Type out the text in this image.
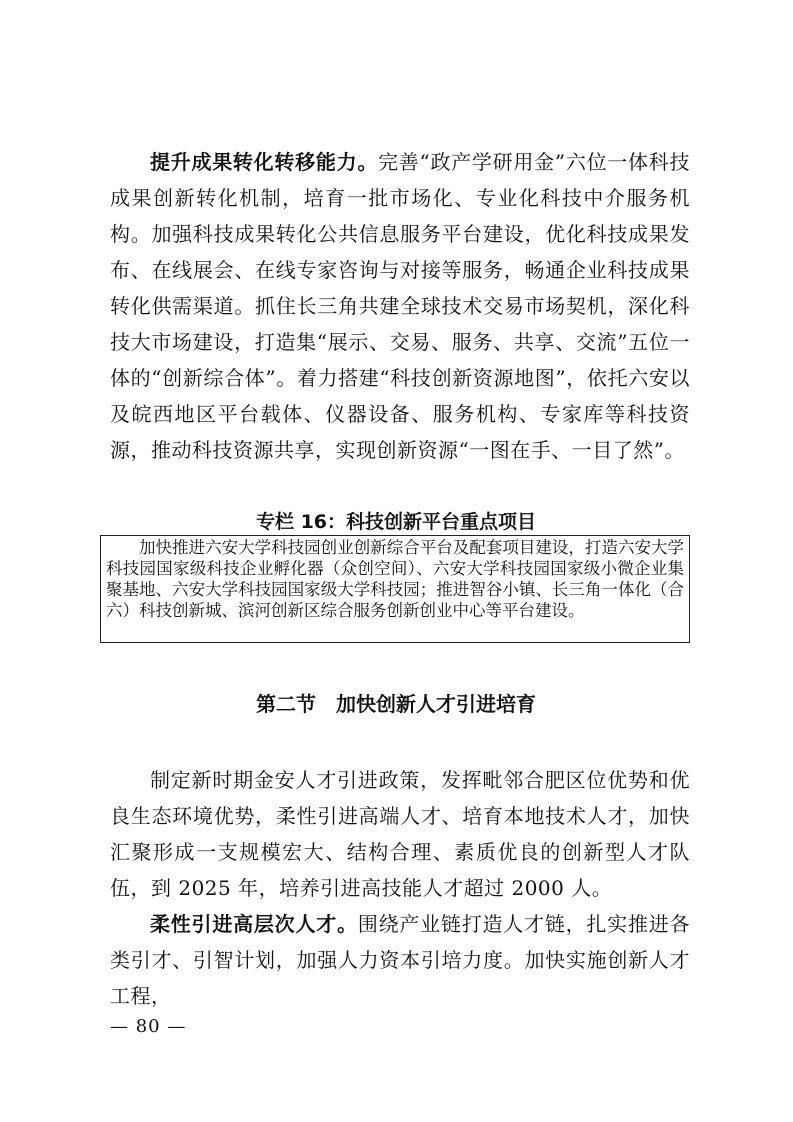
提升成果转化转移能力。完善“政产学研用金”六位一体科技成果创新转化机制，培育一批市场化、专业化科技中介服务机构。加强科技成果转化公共信息服务平台建设，优化科技成果发布、在线展会、在线专家咨询与对接等服务，畅通企业科技成果转化供需渠道。抓住长三角共建全球技术交易市场契机，深化科技大市场建设，打造集“展示、交易、服务、共享、交流”五位一体的“创新综合体”。着力搭建“科技创新资源地图”，依托六安以及皖西地区平台载体、仪器设备、服务机构、专家库等科技资源，推动科技资源共享，实现创新资源“一图在手、一目了然”。

专栏 16：科技创新平台重点项目

加快推进六安大学科技园创业创新综合平台及配套项目建设，打造六安大学科技园国家级科技企业孵化器（众创空间）、六安大学科技园国家级小微企业集聚基地、六安大学科技园国家级大学科技园；推进智谷小镇、长三角一体化（合六）科技创新城、滨河创新区综合服务创新创业中心等平台建设。

第二节　加快创新人才引进培育

制定新时期金安人才引进政策，发挥毗邻合肥区位优势和优良生态环境优势，柔性引进高端人才、培育本地技术人才，加快汇聚形成一支规模宏大、结构合理、素质优良的创新型人才队伍，到 2025 年，培养引进高技能人才超过 2000 人。

柔性引进高层次人才。围绕产业链打造人才链，扎实推进各类引才、引智计划，加强人力资本引培力度。加快实施创新人才工程，

— 80 —
